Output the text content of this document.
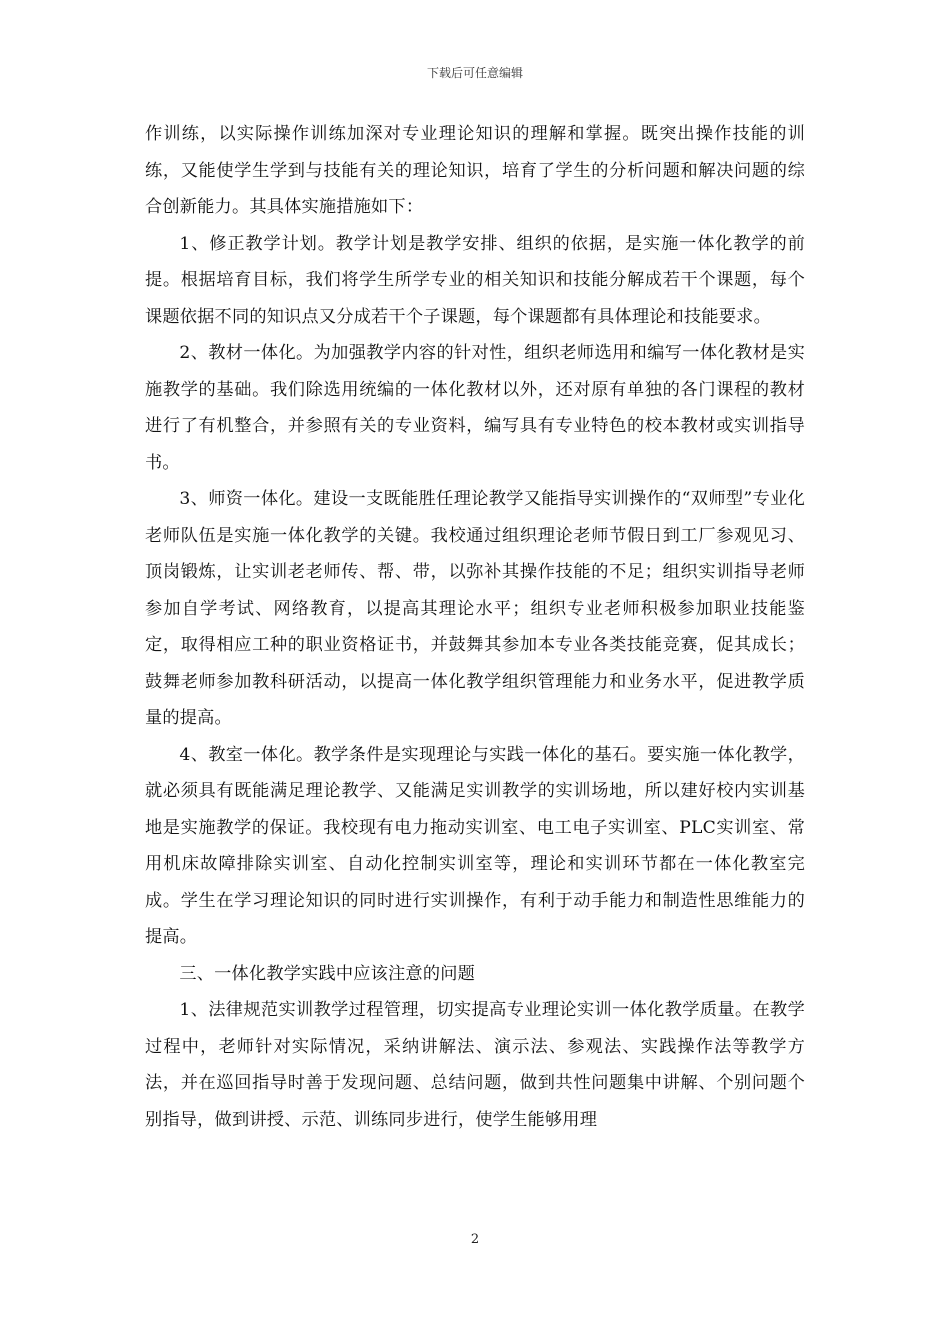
下载后可任意编辑

作训练，以实际操作训练加深对专业理论知识的理解和掌握。既突出操作技能的训练，又能使学生学到与技能有关的理论知识，培育了学生的分析问题和解决问题的综合创新能力。其具体实施措施如下：

1、修正教学计划。教学计划是教学安排、组织的依据，是实施一体化教学的前提。根据培育目标，我们将学生所学专业的相关知识和技能分解成若干个课题，每个课题依据不同的知识点又分成若干个子课题，每个课题都有具体理论和技能要求。

2、教材一体化。为加强教学内容的针对性，组织老师选用和编写一体化教材是实施教学的基础。我们除选用统编的一体化教材以外，还对原有单独的各门课程的教材进行了有机整合，并参照有关的专业资料，编写具有专业特色的校本教材或实训指导书。

3、师资一体化。建设一支既能胜任理论教学又能指导实训操作的“双师型”专业化老师队伍是实施一体化教学的关键。我校通过组织理论老师节假日到工厂参观见习、顶岗锻炼，让实训老老师传、帮、带，以弥补其操作技能的不足；组织实训指导老师参加自学考试、网络教育，以提高其理论水平；组织专业老师积极参加职业技能鉴定，取得相应工种的职业资格证书，并鼓舞其参加本专业各类技能竞赛，促其成长；鼓舞老师参加教科研活动，以提高一体化教学组织管理能力和业务水平，促进教学质量的提高。

4、教室一体化。教学条件是实现理论与实践一体化的基石。要实施一体化教学，就必须具有既能满足理论教学、又能满足实训教学的实训场地，所以建好校内实训基地是实施教学的保证。我校现有电力拖动实训室、电工电子实训室、PLC实训室、常用机床故障排除实训室、自动化控制实训室等，理论和实训环节都在一体化教室完成。学生在学习理论知识的同时进行实训操作，有利于动手能力和制造性思维能力的提高。

三、一体化教学实践中应该注意的问题

1、法律规范实训教学过程管理，切实提高专业理论实训一体化教学质量。在教学过程中，老师针对实际情况，采纳讲解法、演示法、参观法、实践操作法等教学方法，并在巡回指导时善于发现问题、总结问题，做到共性问题集中讲解、个别问题个别指导，做到讲授、示范、训练同步进行，使学生能够用理

2
